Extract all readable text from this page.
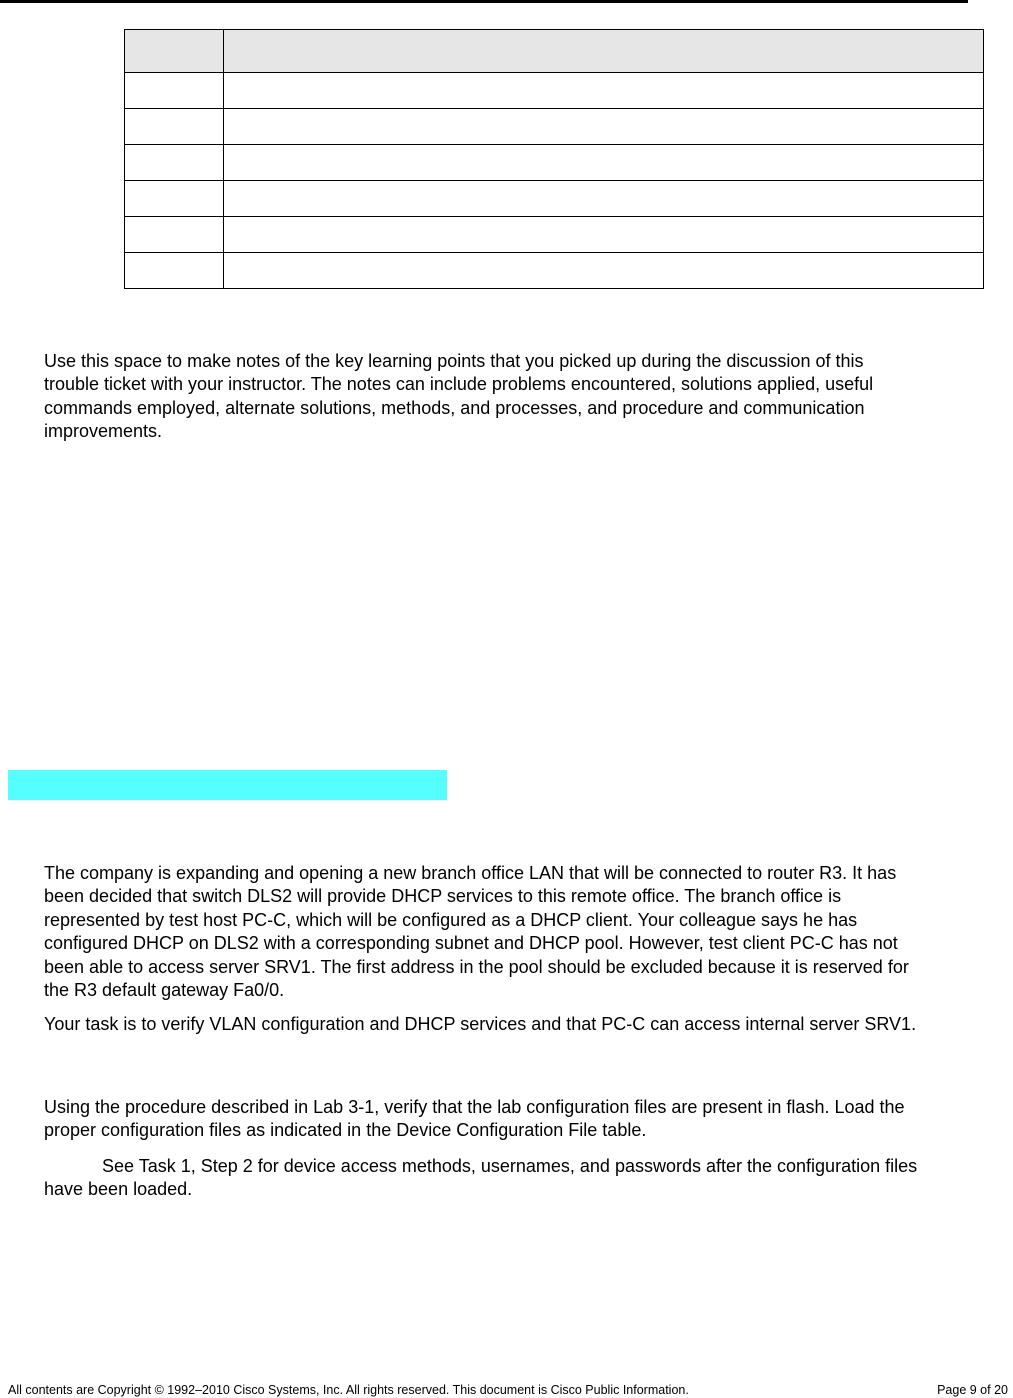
Use this space to make notes of the key learning points that you picked up during the discussion of this
trouble ticket with your instructor. The notes can include problems encountered, solutions applied, useful
commands employed, alternate solutions, methods, and processes, and procedure and communication
improvements.
The company is expanding and opening a new branch office LAN that will be connected to router R3. It has
been decided that switch DLS2 will provide DHCP services to this remote office. The branch office is
represented by test host PC-C, which will be configured as a DHCP client. Your colleague says he has
configured DHCP on DLS2 with a corresponding subnet and DHCP pool. However, test client PC-C has not
been able to access server SRV1. The first address in the pool should be excluded because it is reserved for
the R3 default gateway Fa0/0.
Your task is to verify VLAN configuration and DHCP services and that PC-C can access internal server SRV1.
Using the procedure described in Lab 3-1, verify that the lab configuration files are present in flash. Load the
proper configuration files as indicated in the Device Configuration File table.
See Task 1, Step 2 for device access methods, usernames, and passwords after the configuration files
have been loaded.
All contents are Copyright © 1992–2010 Cisco Systems, Inc. All rights reserved. This document is Cisco Public Information.	Page 9 of 20
